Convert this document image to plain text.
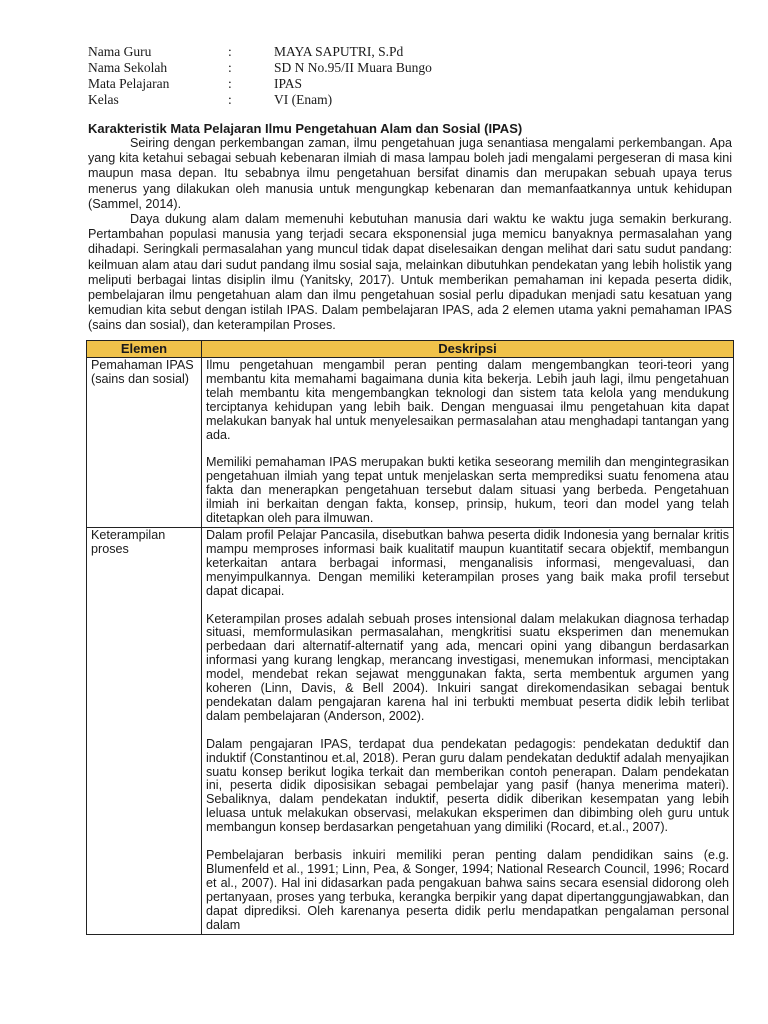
Nama Guru	:	MAYA SAPUTRI, S.Pd
Nama Sekolah	:	SD N No.95/II Muara Bungo
Mata Pelajaran	:	IPAS
Kelas	:	VI (Enam)
Karakteristik Mata Pelajaran Ilmu Pengetahuan Alam dan Sosial (IPAS)

Seiring dengan perkembangan zaman, ilmu pengetahuan juga senantiasa mengalami perkembangan. Apa yang kita ketahui sebagai sebuah kebenaran ilmiah di masa lampau boleh jadi mengalami pergeseran di masa kini maupun masa depan. Itu sebabnya ilmu pengetahuan bersifat dinamis dan merupakan sebuah upaya terus menerus yang dilakukan oleh manusia untuk mengungkap kebenaran dan memanfaatkannya untuk kehidupan (Sammel, 2014).

Daya dukung alam dalam memenuhi kebutuhan manusia dari waktu ke waktu juga semakin berkurang. Pertambahan populasi manusia yang terjadi secara eksponensial juga memicu banyaknya permasalahan yang dihadapi. Seringkali permasalahan yang muncul tidak dapat diselesaikan dengan melihat dari satu sudut pandang: keilmuan alam atau dari sudut pandang ilmu sosial saja, melainkan dibutuhkan pendekatan yang lebih holistik yang meliputi berbagai lintas disiplin ilmu (Yanitsky, 2017). Untuk memberikan pemahaman ini kepada peserta didik, pembelajaran ilmu pengetahuan alam dan ilmu pengetahuan sosial perlu dipadukan menjadi satu kesatuan yang kemudian kita sebut dengan istilah IPAS. Dalam pembelajaran IPAS, ada 2 elemen utama yakni pemahaman IPAS (sains dan sosial), dan keterampilan Proses.

Elemen	Deskripsi
Pemahaman IPAS (sains dan sosial)	Ilmu pengetahuan mengambil peran penting dalam mengembangkan teori-teori yang membantu kita memahami bagaimana dunia kita bekerja. Lebih jauh lagi, ilmu pengetahuan telah membantu kita mengembangkan teknologi dan sistem tata kelola yang mendukung terciptanya kehidupan yang lebih baik. Dengan menguasai ilmu pengetahuan kita dapat melakukan banyak hal untuk menyelesaikan permasalahan atau menghadapi tantangan yang ada.

Memiliki pemahaman IPAS merupakan bukti ketika seseorang memilih dan mengintegrasikan pengetahuan ilmiah yang tepat untuk menjelaskan serta memprediksi suatu fenomena atau fakta dan menerapkan pengetahuan tersebut dalam situasi yang berbeda. Pengetahuan ilmiah ini berkaitan dengan fakta, konsep, prinsip, hukum, teori dan model yang telah ditetapkan oleh para ilmuwan.

Keterampilan proses	Dalam profil Pelajar Pancasila, disebutkan bahwa peserta didik Indonesia yang bernalar kritis mampu memproses informasi baik kualitatif maupun kuantitatif secara objektif, membangun keterkaitan antara berbagai informasi, menganalisis informasi, mengevaluasi, dan menyimpulkannya. Dengan memiliki keterampilan proses yang baik maka profil tersebut dapat dicapai.

Keterampilan proses adalah sebuah proses intensional dalam melakukan diagnosa terhadap situasi, memformulasikan permasalahan, mengkritisi suatu eksperimen dan menemukan perbedaan dari alternatif-alternatif yang ada, mencari opini yang dibangun berdasarkan informasi yang kurang lengkap, merancang investigasi, menemukan informasi, menciptakan model, mendebat rekan sejawat menggunakan fakta, serta membentuk argumen yang koheren (Linn, Davis, & Bell 2004). Inkuiri sangat direkomendasikan sebagai bentuk pendekatan dalam pengajaran karena hal ini terbukti membuat peserta didik lebih terlibat dalam pembelajaran (Anderson, 2002).

Dalam pengajaran IPAS, terdapat dua pendekatan pedagogis: pendekatan deduktif dan induktif (Constantinou et.al, 2018). Peran guru dalam pendekatan deduktif adalah menyajikan suatu konsep berikut logika terkait dan memberikan contoh penerapan. Dalam pendekatan ini, peserta didik diposisikan sebagai pembelajar yang pasif (hanya menerima materi). Sebaliknya, dalam pendekatan induktif, peserta didik diberikan kesempatan yang lebih leluasa untuk melakukan observasi, melakukan eksperimen dan dibimbing oleh guru untuk membangun konsep berdasarkan pengetahuan yang dimiliki (Rocard, et.al., 2007).

Pembelajaran berbasis inkuiri memiliki peran penting dalam pendidikan sains (e.g. Blumenfeld et al., 1991; Linn, Pea, & Songer, 1994; National Research Council, 1996; Rocard et al., 2007). Hal ini didasarkan pada pengakuan bahwa sains secara esensial didorong oleh pertanyaan, proses yang terbuka, kerangka berpikir yang dapat dipertanggungjawabkan, dan dapat diprediksi. Oleh karenanya peserta didik perlu mendapatkan pengalaman personal dalam
